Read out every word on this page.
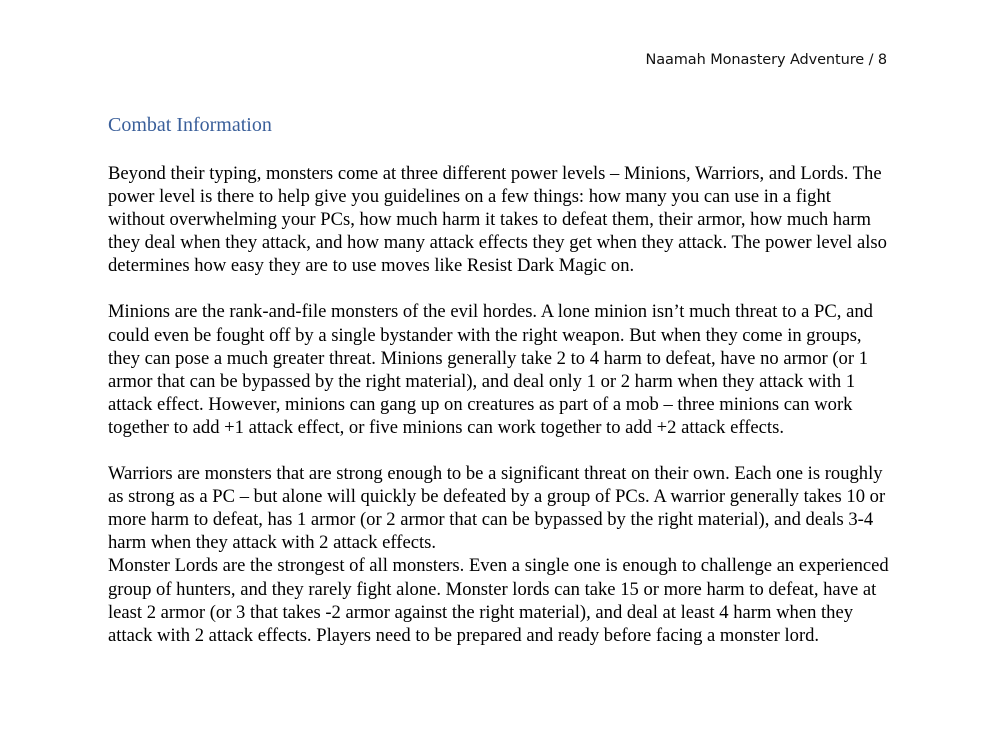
Naamah Monastery Adventure / 8
Combat Information

Beyond their typing, monsters come at three different power levels – Minions, Warriors, and Lords. The power level is there to help give you guidelines on a few things: how many you can use in a fight without overwhelming your PCs, how much harm it takes to defeat them, their armor, how much harm they deal when they attack, and how many attack effects they get when they attack. The power level also determines how easy they are to use moves like Resist Dark Magic on.

Minions are the rank-and-file monsters of the evil hordes. A lone minion isn’t much threat to a PC, and could even be fought off by a single bystander with the right weapon. But when they come in groups, they can pose a much greater threat. Minions generally take 2 to 4 harm to defeat, have no armor (or 1 armor that can be bypassed by the right material), and deal only 1 or 2 harm when they attack with 1 attack effect. However, minions can gang up on creatures as part of a mob – three minions can work together to add +1 attack effect, or five minions can work together to add +2 attack effects.

Warriors are monsters that are strong enough to be a significant threat on their own. Each one is roughly as strong as a PC – but alone will quickly be defeated by a group of PCs. A warrior generally takes 10 or more harm to defeat, has 1 armor (or 2 armor that can be bypassed by the right material), and deals 3-4 harm when they attack with 2 attack effects.

Monster Lords are the strongest of all monsters. Even a single one is enough to challenge an experienced group of hunters, and they rarely fight alone. Monster lords can take 15 or more harm to defeat, have at least 2 armor (or 3 that takes -2 armor against the right material), and deal at least 4 harm when they attack with 2 attack effects. Players need to be prepared and ready before facing a monster lord.
